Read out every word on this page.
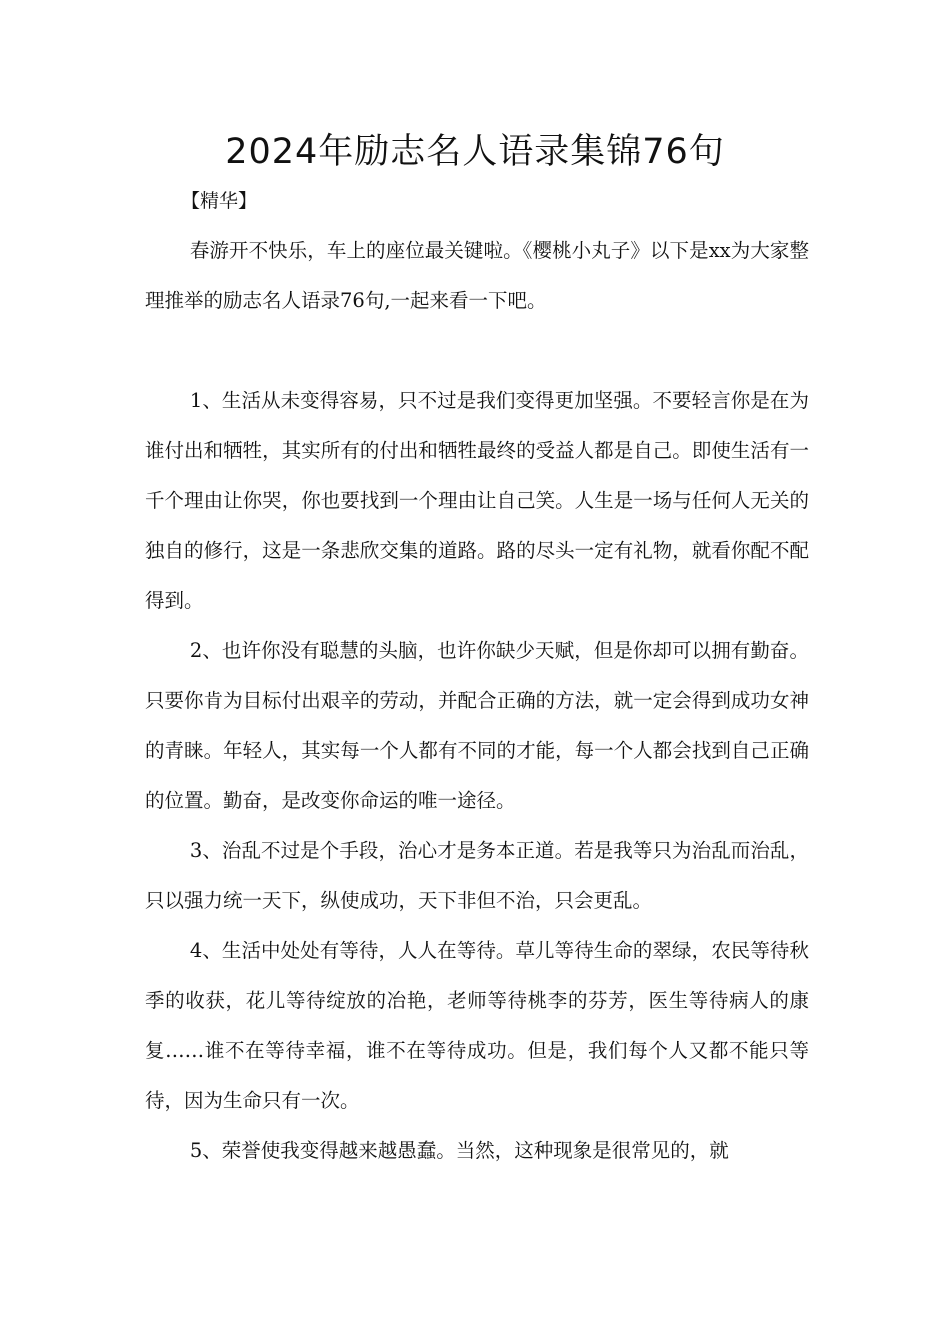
2024年励志名人语录集锦76句
【精华】

春游开不快乐，车上的座位最关键啦。《樱桃小丸子》以下是xx为大家整理推举的励志名人语录76句,一起来看一下吧。

1、生活从未变得容易，只不过是我们变得更加坚强。不要轻言你是在为谁付出和牺牲，其实所有的付出和牺牲最终的受益人都是自己。即使生活有一千个理由让你哭，你也要找到一个理由让自己笑。人生是一场与任何人无关的独自的修行，这是一条悲欣交集的道路。路的尽头一定有礼物，就看你配不配得到。

2、也许你没有聪慧的头脑，也许你缺少天赋，但是你却可以拥有勤奋。只要你肯为目标付出艰辛的劳动，并配合正确的方法，就一定会得到成功女神的青睐。年轻人，其实每一个人都有不同的才能，每一个人都会找到自己正确的位置。勤奋，是改变你命运的唯一途径。

3、治乱不过是个手段，治心才是务本正道。若是我等只为治乱而治乱，只以强力统一天下，纵使成功，天下非但不治，只会更乱。

4、生活中处处有等待，人人在等待。草儿等待生命的翠绿，农民等待秋季的收获，花儿等待绽放的冶艳，老师等待桃李的芬芳，医生等待病人的康复……谁不在等待幸福，谁不在等待成功。但是，我们每个人又都不能只等待，因为生命只有一次。

5、荣誉使我变得越来越愚蠢。当然，这种现象是很常见的，就
